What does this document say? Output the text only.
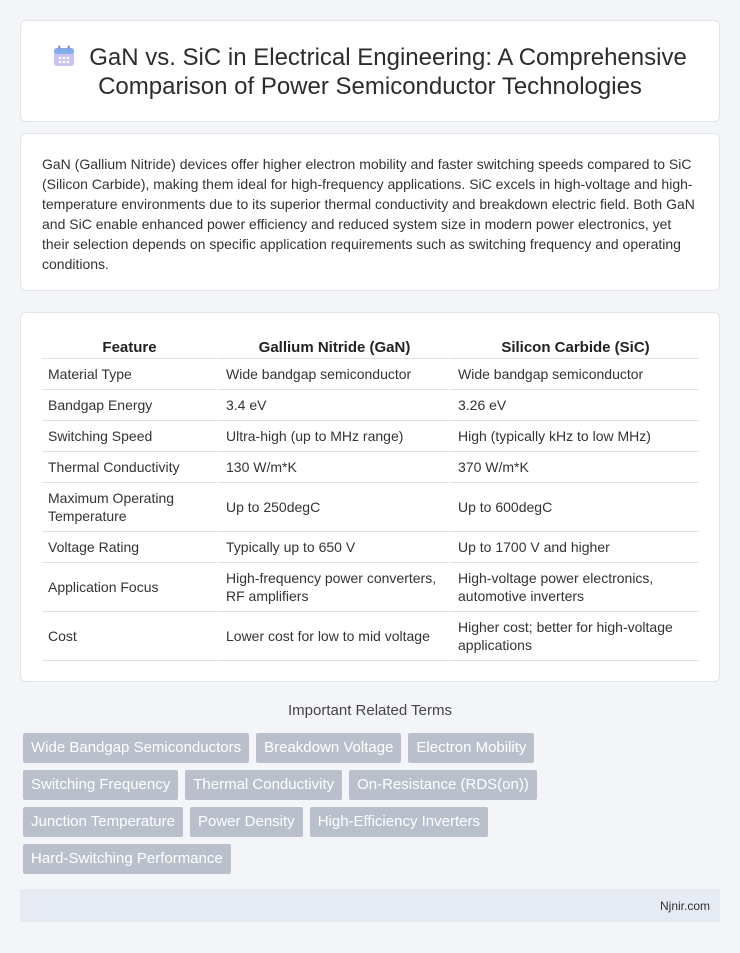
GaN vs. SiC in Electrical Engineering: A Comprehensive Comparison of Power Semiconductor Technologies

GaN (Gallium Nitride) devices offer higher electron mobility and faster switching speeds compared to SiC (Silicon Carbide), making them ideal for high-frequency applications. SiC excels in high-voltage and high-temperature environments due to its superior thermal conductivity and breakdown electric field. Both GaN and SiC enable enhanced power efficiency and reduced system size in modern power electronics, yet their selection depends on specific application requirements such as switching frequency and operating conditions.

Feature	Gallium Nitride (GaN)	Silicon Carbide (SiC)
Material Type	Wide bandgap semiconductor	Wide bandgap semiconductor
Bandgap Energy	3.4 eV	3.26 eV
Switching Speed	Ultra-high (up to MHz range)	High (typically kHz to low MHz)
Thermal Conductivity	130 W/m*K	370 W/m*K
Maximum Operating Temperature	Up to 250degC	Up to 600degC
Voltage Rating	Typically up to 650 V	Up to 1700 V and higher
Application Focus	High-frequency power converters, RF amplifiers	High-voltage power electronics, automotive inverters
Cost	Lower cost for low to mid voltage	Higher cost; better for high-voltage applications
Important Related Terms
Wide Bandgap Semiconductors	Breakdown Voltage	Electron Mobility
Switching Frequency	Thermal Conductivity	On-Resistance (RDS(on))
Junction Temperature	Power Density	High-Efficiency Inverters
Hard-Switching Performance
Njnir.com
